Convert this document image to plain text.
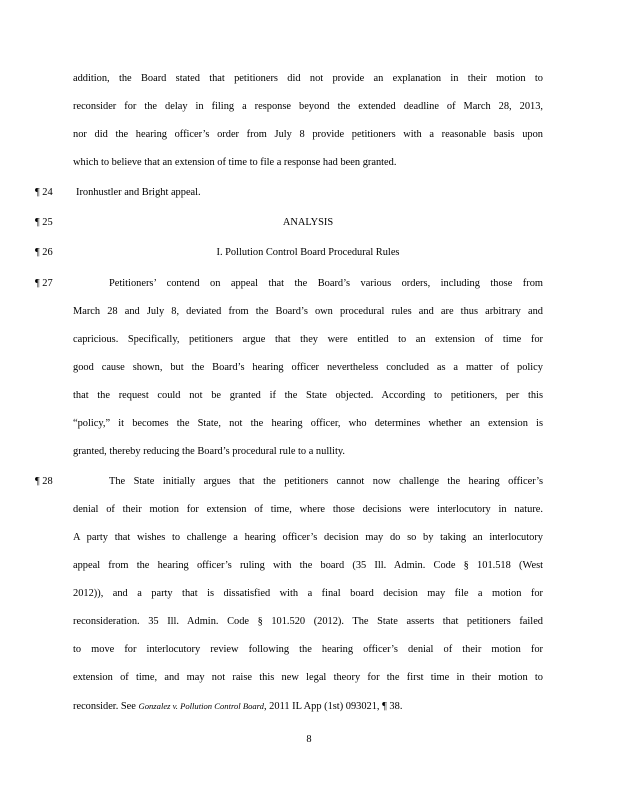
addition, the Board stated that petitioners did not provide an explanation in their motion to
reconsider for the delay in filing a response beyond the extended deadline of March 28, 2013,
nor did the hearing officer’s order from July 8 provide petitioners with a reasonable basis upon
which to believe that an extension of time to file a response had been granted.
¶ 24 Ironhustler and Bright appeal.
¶ 25	ANALYSIS
¶ 26	I. Pollution Control Board Procedural Rules
¶ 27	Petitioners’ contend on appeal that the Board’s various orders, including those from
March 28 and July 8, deviated from the Board’s own procedural rules and are thus arbitrary and
capricious. Specifically, petitioners argue that they were entitled to an extension of time for
good cause shown, but the Board’s hearing officer nevertheless concluded as a matter of policy
that the request could not be granted if the State objected. According to petitioners, per this
“policy,” it becomes the State, not the hearing officer, who determines whether an extension is
granted, thereby reducing the Board’s procedural rule to a nullity.
¶ 28	The State initially argues that the petitioners cannot now challenge the hearing officer’s
denial of their motion for extension of time, where those decisions were interlocutory in nature.
A party that wishes to challenge a hearing officer’s decision may do so by taking an interlocutory
appeal from the hearing officer’s ruling with the board (35 Ill. Admin. Code § 101.518 (West
2012)), and a party that is dissatisfied with a final board decision may file a motion for
reconsideration. 35 Ill. Admin. Code § 101.520 (2012). The State asserts that petitioners failed
to move for interlocutory review following the hearing officer’s denial of their motion for
extension of time, and may not raise this new legal theory for the first time in their motion to
reconsider. See Gonzalez v. Pollution Control Board, 2011 IL App (1st) 093021, ¶ 38.
8
